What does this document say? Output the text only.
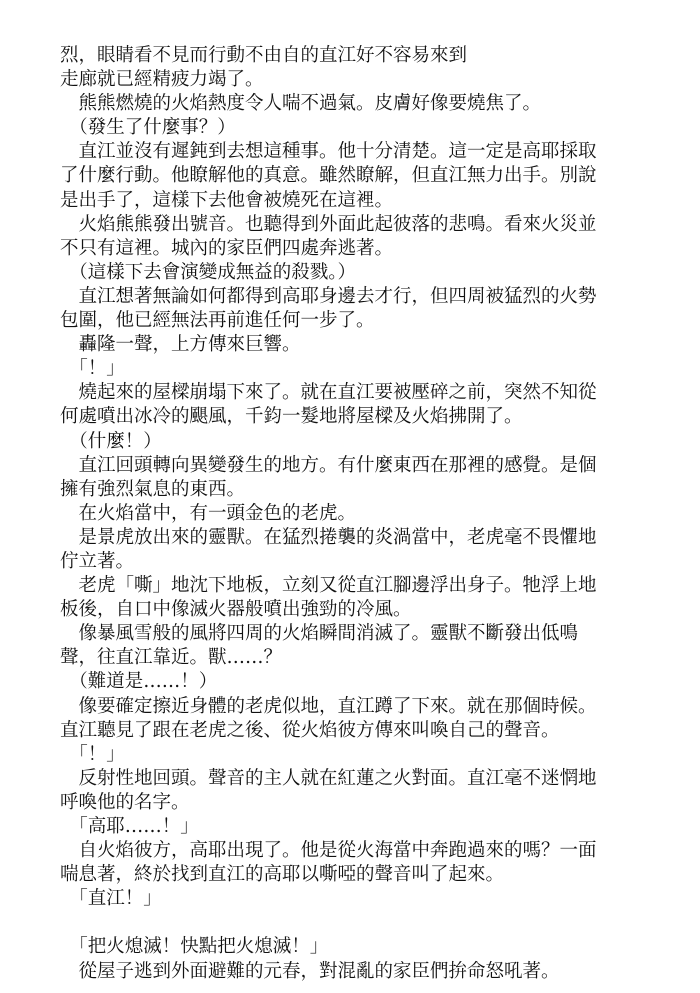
烈，眼睛看不見而行動不由自的直江好不容易來到
走廊就已經精疲力竭了。
　熊熊燃燒的火焰熱度令人喘不過氣。皮膚好像要燒焦了。
　（發生了什麼事？）
　直江並沒有遲鈍到去想這種事。他十分清楚。這一定是高耶採取
了什麼行動。他瞭解他的真意。雖然瞭解，但直江無力出手。別說
是出手了，這樣下去他會被燒死在這裡。
　火焰熊熊發出號音。也聽得到外面此起彼落的悲鳴。看來火災並
不只有這裡。城內的家臣們四處奔逃著。
　（這樣下去會演變成無益的殺戮。）
　直江想著無論如何都得到高耶身邊去才行，但四周被猛烈的火勢
包圍，他已經無法再前進任何一步了。
　轟隆一聲，上方傳來巨響。
　「！」
　燒起來的屋樑崩塌下來了。就在直江要被壓碎之前，突然不知從
何處噴出冰冷的颶風，千鈞一髮地將屋樑及火焰拂開了。
　（什麼！）
　直江回頭轉向異變發生的地方。有什麼東西在那裡的感覺。是個
擁有強烈氣息的東西。
　在火焰當中，有一頭金色的老虎。
　是景虎放出來的靈獸。在猛烈捲襲的炎渦當中，老虎毫不畏懼地
佇立著。
　老虎「嘶」地沈下地板，立刻又從直江腳邊浮出身子。牠浮上地
板後，自口中像滅火器般噴出強勁的冷風。
　像暴風雪般的風將四周的火焰瞬間消滅了。靈獸不斷發出低鳴
聲，往直江靠近。獸……？
　（難道是……！）
　像要確定擦近身體的老虎似地，直江蹲了下來。就在那個時候。
直江聽見了跟在老虎之後、從火焰彼方傳來叫喚自己的聲音。
　「！」
　反射性地回頭。聲音的主人就在紅蓮之火對面。直江毫不迷惘地
呼喚他的名字。
　「高耶……！」
　自火焰彼方，高耶出現了。他是從火海當中奔跑過來的嗎？一面
喘息著，終於找到直江的高耶以嘶啞的聲音叫了起來。
　「直江！」
　「把火熄滅！快點把火熄滅！」
　從屋子逃到外面避難的元春，對混亂的家臣們拚命怒吼著。
